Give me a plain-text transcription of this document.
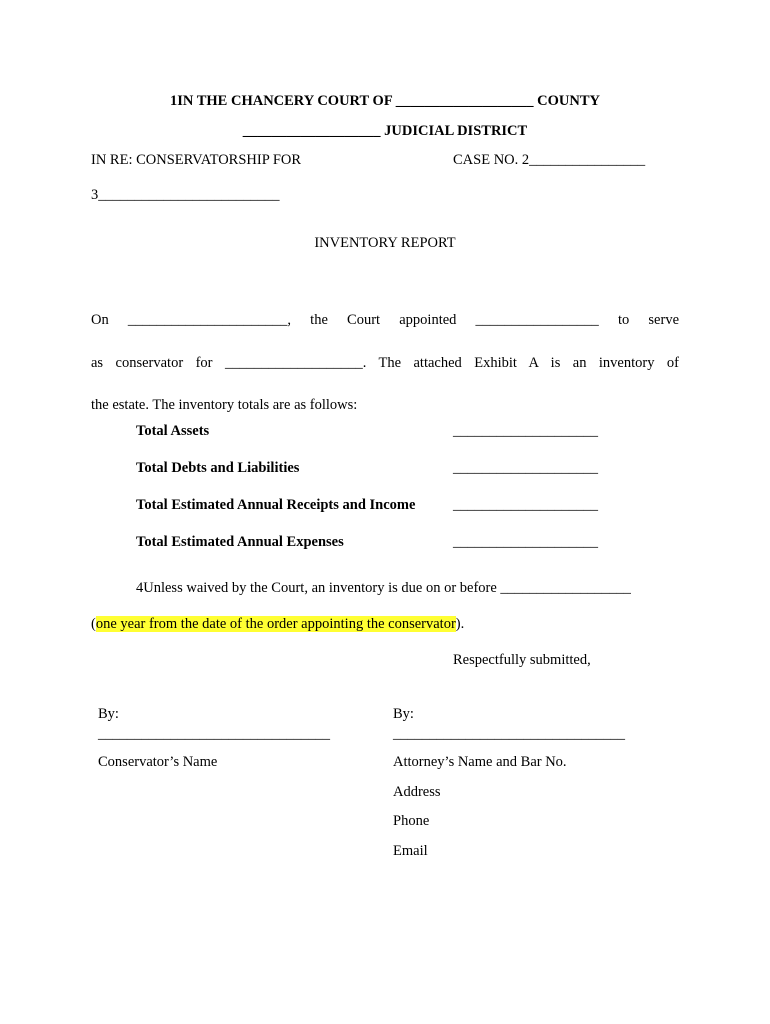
1IN THE CHANCERY COURT OF ___________________ COUNTY
___________________ JUDICIAL DISTRICT
IN RE: CONSERVATORSHIP FOR	CASE NO. 2________________
3_________________________
INVENTORY REPORT
On ______________________, the Court appointed _________________ to serve
as conservator for ___________________. The attached Exhibit A is an inventory of
the estate. The inventory totals are as follows:
Total Assets	____________________
Total Debts and Liabilities	____________________
Total Estimated Annual Receipts and Income	____________________
Total Estimated Annual Expenses	____________________
4Unless waived by the Court, an inventory is due on or before __________________
(one year from the date of the order appointing the conservator).
Respectfully submitted,
By:
________________________________
By:
________________________________
Conservator’s Name	Attorney’s Name and Bar No.
Address
Phone
Email
